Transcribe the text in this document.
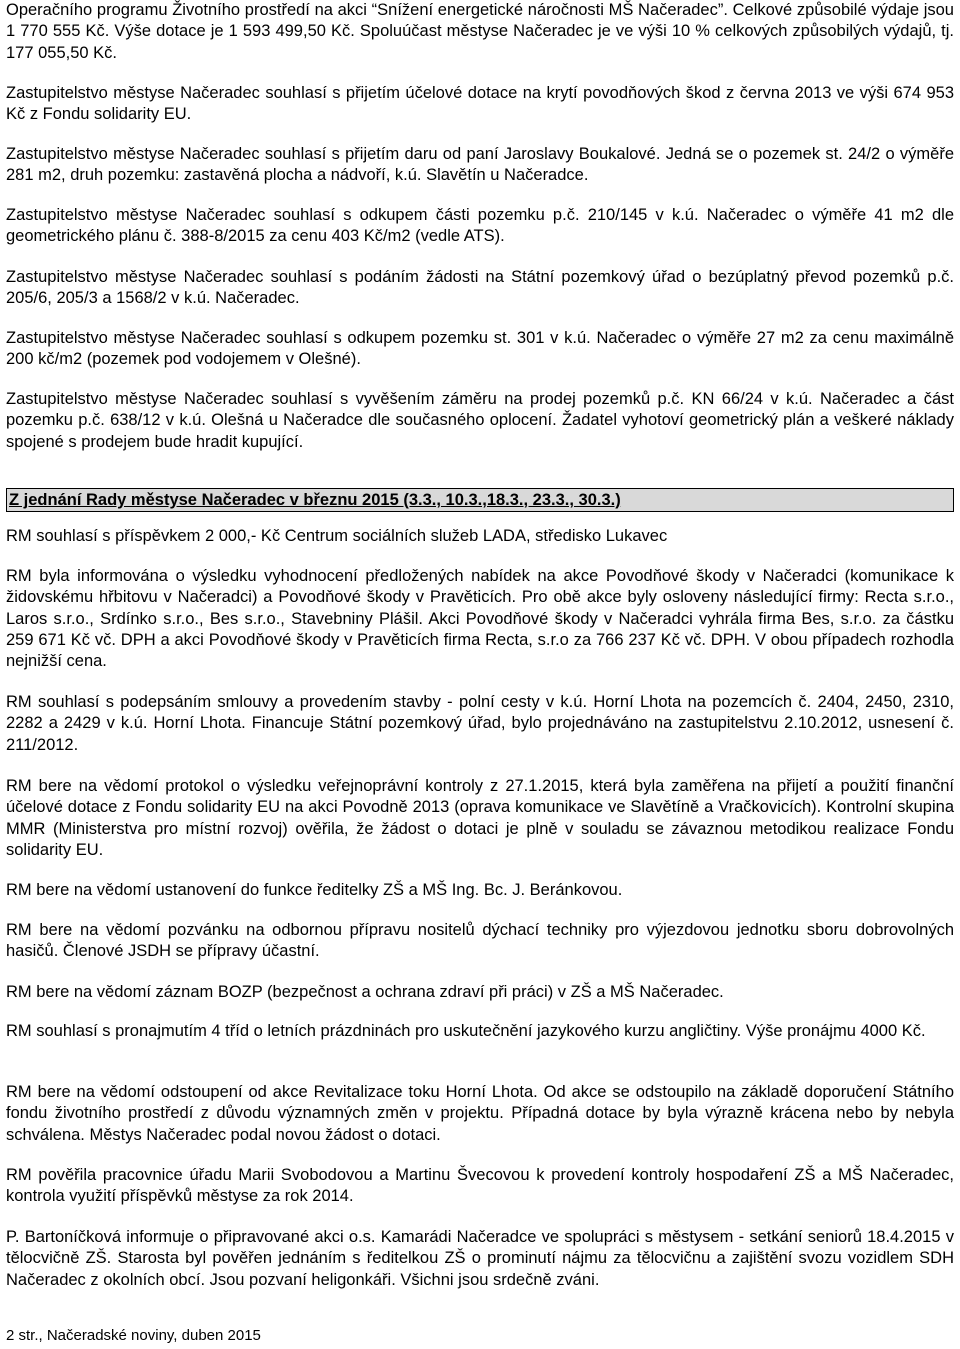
Operačního programu Životního prostředí na akci “Snížení energetické náročnosti MŠ Načeradec”. Celkové způsobilé výdaje jsou 1 770 555 Kč. Výše dotace je 1 593 499,50 Kč. Spoluúčast městyse Načeradec je ve výši 10 % celkových způsobilých výdajů, tj. 177 055,50 Kč.

Zastupitelstvo městyse Načeradec souhlasí s přijetím účelové dotace na krytí povodňových škod z června 2013 ve výši 674 953 Kč z Fondu solidarity EU.

Zastupitelstvo městyse Načeradec souhlasí s přijetím daru od paní Jaroslavy Boukalové. Jedná se o pozemek st. 24/2 o výměře 281 m2, druh pozemku: zastavěná plocha a nádvoří, k.ú. Slavětín u Načeradce.

Zastupitelstvo městyse Načeradec souhlasí s odkupem části pozemku p.č. 210/145 v k.ú. Načeradec o výměře 41 m2 dle geometrického plánu č. 388-8/2015 za cenu 403 Kč/m2 (vedle ATS).

Zastupitelstvo městyse Načeradec souhlasí s podáním žádosti na Státní pozemkový úřad o bezúplatný převod pozemků p.č. 205/6, 205/3 a 1568/2 v k.ú. Načeradec.

Zastupitelstvo městyse Načeradec souhlasí s odkupem pozemku st. 301 v k.ú. Načeradec o výměře 27 m2 za cenu maximálně 200 kč/m2 (pozemek pod vodojemem v Olešné).

Zastupitelstvo městyse Načeradec souhlasí s vyvěšením záměru na prodej pozemků p.č. KN 66/24 v k.ú. Načeradec a část pozemku p.č. 638/12 v k.ú. Olešná u Načeradce dle současného oplocení. Žadatel vyhotoví geometrický plán a veškeré náklady spojené s prodejem bude hradit kupující.

Z jednání Rady městyse Načeradec v březnu 2015 (3.3., 10.3.,18.3., 23.3., 30.3.)

RM souhlasí s příspěvkem 2 000,- Kč Centrum sociálních služeb LADA, středisko Lukavec

RM byla informována o výsledku vyhodnocení předložených nabídek na akce Povodňové škody v Načeradci (komunikace k židovskému hřbitovu v Načeradci) a Povodňové škody v Pravěticích. Pro obě akce byly osloveny následující firmy: Recta s.r.o., Laros s.r.o., Srdínko s.r.o., Bes s.r.o., Stavebniny Plášil. Akci Povodňové škody v Načeradci vyhrála firma Bes, s.r.o. za částku 259 671 Kč vč. DPH a akci Povodňové škody v Pravěticích firma Recta, s.r.o za 766 237 Kč vč. DPH. V obou případech rozhodla nejnižší cena.

RM souhlasí s podepsáním smlouvy a provedením stavby - polní cesty v k.ú. Horní Lhota na pozemcích č. 2404, 2450, 2310, 2282 a 2429 v k.ú. Horní Lhota. Financuje Státní pozemkový úřad, bylo projednáváno na zastupitelstvu 2.10.2012, usnesení č. 211/2012.

RM bere na vědomí protokol o výsledku veřejnoprávní kontroly z 27.1.2015, která byla zaměřena na přijetí a použití finanční účelové dotace z Fondu solidarity EU na akci Povodně 2013 (oprava komunikace ve Slavětíně a Vračkovicích). Kontrolní skupina MMR (Ministerstva pro místní rozvoj) ověřila, že žádost o dotaci je plně v souladu se závaznou metodikou realizace Fondu solidarity EU.

RM bere na vědomí ustanovení do funkce ředitelky ZŠ a MŠ Ing. Bc. J. Beránkovou.

RM bere na vědomí pozvánku na odbornou přípravu nositelů dýchací techniky pro výjezdovou jednotku sboru dobrovolných hasičů. Členové JSDH se přípravy účastní.

RM bere na vědomí záznam BOZP (bezpečnost a ochrana zdraví při práci) v ZŠ a MŠ Načeradec.

RM souhlasí s pronajmutím 4 tříd o letních prázdninách pro uskutečnění jazykového kurzu angličtiny. Výše pronájmu 4000 Kč.

RM bere na vědomí odstoupení od akce Revitalizace toku Horní Lhota. Od akce se odstoupilo na základě doporučení Státního fondu životního prostředí z důvodu významných změn v projektu. Případná dotace by byla výrazně krácena nebo by nebyla schválena. Městys Načeradec podal novou žádost o dotaci.

RM pověřila pracovnice úřadu Marii Svobodovou a Martinu Švecovou k provedení kontroly hospodaření ZŠ a MŠ Načeradec, kontrola využití příspěvků městyse za rok 2014.

P. Bartoníčková informuje o připravované akci o.s. Kamarádi Načeradce ve spolupráci s městysem - setkání seniorů 18.4.2015 v tělocvičně ZŠ. Starosta byl pověřen jednáním s ředitelkou ZŠ o prominutí nájmu za tělocvičnu a zajištění svozu vozidlem SDH Načeradec z okolních obcí. Jsou pozvaní heligonkáři. Všichni jsou srdečně zváni.

2 str., Načeradské noviny, duben 2015
